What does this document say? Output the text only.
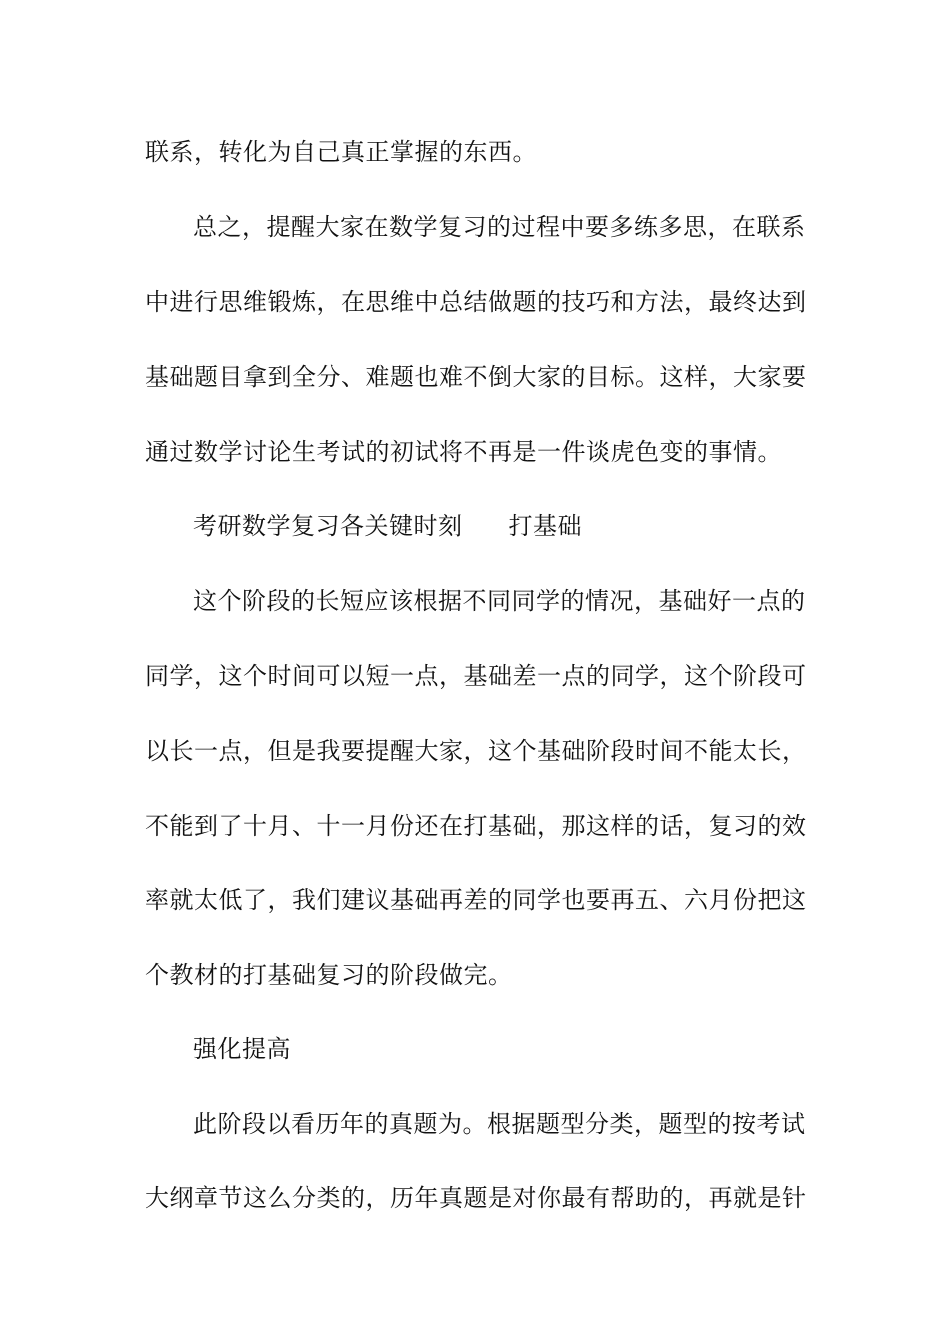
联系，转化为自己真正掌握的东西。
总之，提醒大家在数学复习的过程中要多练多思，在联系
中进行思维锻炼，在思维中总结做题的技巧和方法，最终达到
基础题目拿到全分、难题也难不倒大家的目标。这样，大家要
通过数学讨论生考试的初试将不再是一件谈虎色变的事情。
考研数学复习各关键时刻 打基础
这个阶段的长短应该根据不同同学的情况，基础好一点的
同学，这个时间可以短一点，基础差一点的同学，这个阶段可
以长一点，但是我要提醒大家，这个基础阶段时间不能太长，
不能到了十月、十一月份还在打基础，那这样的话，复习的效
率就太低了，我们建议基础再差的同学也要再五、六月份把这
个教材的打基础复习的阶段做完。
强化提高
此阶段以看历年的真题为。根据题型分类，题型的按考试
大纲章节这么分类的，历年真题是对你最有帮助的，再就是针
